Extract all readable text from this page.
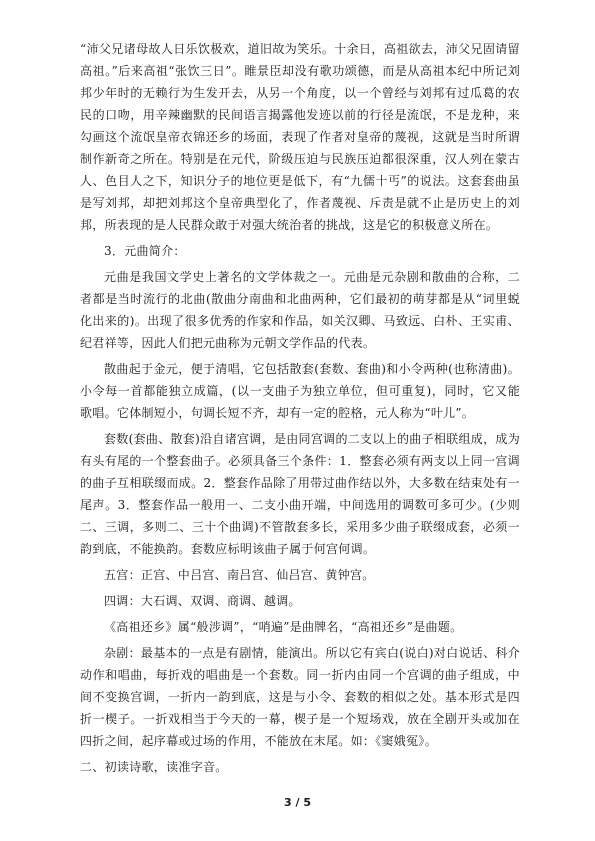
“沛父兄诸母故人日乐饮极欢，道旧故为笑乐。十余日，高祖欲去，沛父兄固请留高祖。”后来高祖“张饮三日”。睢景臣却没有歌功颂德，而是从高祖本纪中所记刘邦少年时的无赖行为生发开去，从另一个角度，以一个曾经与刘邦有过瓜葛的农民的口吻，用辛辣幽默的民间语言揭露他发迹以前的行径是流氓，不是龙种，来勾画这个流氓皇帝衣锦还乡的场面，表现了作者对皇帝的蔑视，这就是当时所谓制作新奇之所在。特别是在元代，阶级压迫与民族压迫都很深重，汉人列在蒙古人、色目人之下，知识分子的地位更是低下，有“九儒十丐”的说法。这套套曲虽是写刘邦，却把刘邦这个皇帝典型化了，作者蔑视、斥责是就不止是历史上的刘邦，所表现的是人民群众敢于对强大统治者的挑战，这是它的积极意义所在。

3．元曲简介：

元曲是我国文学史上著名的文学体裁之一。元曲是元杂剧和散曲的合称，二者都是当时流行的北曲(散曲分南曲和北曲两种，它们最初的萌芽都是从“词里蜕化出来的)。出现了很多优秀的作家和作品，如关汉卿、马致远、白朴、王实甫、纪君祥等，因此人们把元曲称为元朝文学作品的代表。

散曲起于金元，便于清唱，它包括散套(套数、套曲)和小令两种(也称清曲)。小令每一首都能独立成篇，(以一支曲子为独立单位，但可重复)，同时，它又能歌唱。它体制短小，句调长短不齐，却有一定的腔格，元人称为“叶儿”。

套数(套曲、散套)沿自诸宫调，是由同宫调的二支以上的曲子相联组成，成为有头有尾的一个整套曲子。必须具备三个条件：1．整套必须有两支以上同一宫调的曲子互相联缀而成。2．整套作品除了用带过曲作结以外，大多数在结束处有一尾声。3．整套作品一般用一、二支小曲开端，中间选用的调数可多可少。(少则二、三调，多则二、三十个曲调)不管散套多长，采用多少曲子联缀成套，必须一韵到底，不能换韵。套数应标明该曲子属于何宫何调。

五宫：正宫、中吕宫、南吕宫、仙吕宫、黄钟宫。

四调：大石调、双调、商调、越调。

《高祖还乡》属“般涉调”，“哨遍”是曲牌名，“高祖还乡”是曲题。

杂剧：最基本的一点是有剧情，能演出。所以它有宾白(说白)对白说话、科介动作和唱曲，每折戏的唱曲是一个套数。同一折内由同一个宫调的曲子组成，中间不变换宫调，一折内一韵到底，这是与小令、套数的相似之处。基本形式是四折一楔子。一折戏相当于今天的一幕，楔子是一个短场戏，放在全剧开头或加在四折之间，起序幕或过场的作用，不能放在末尾。如：《窦娥冤》。

二、初读诗歌，读准字音。

3 / 5
